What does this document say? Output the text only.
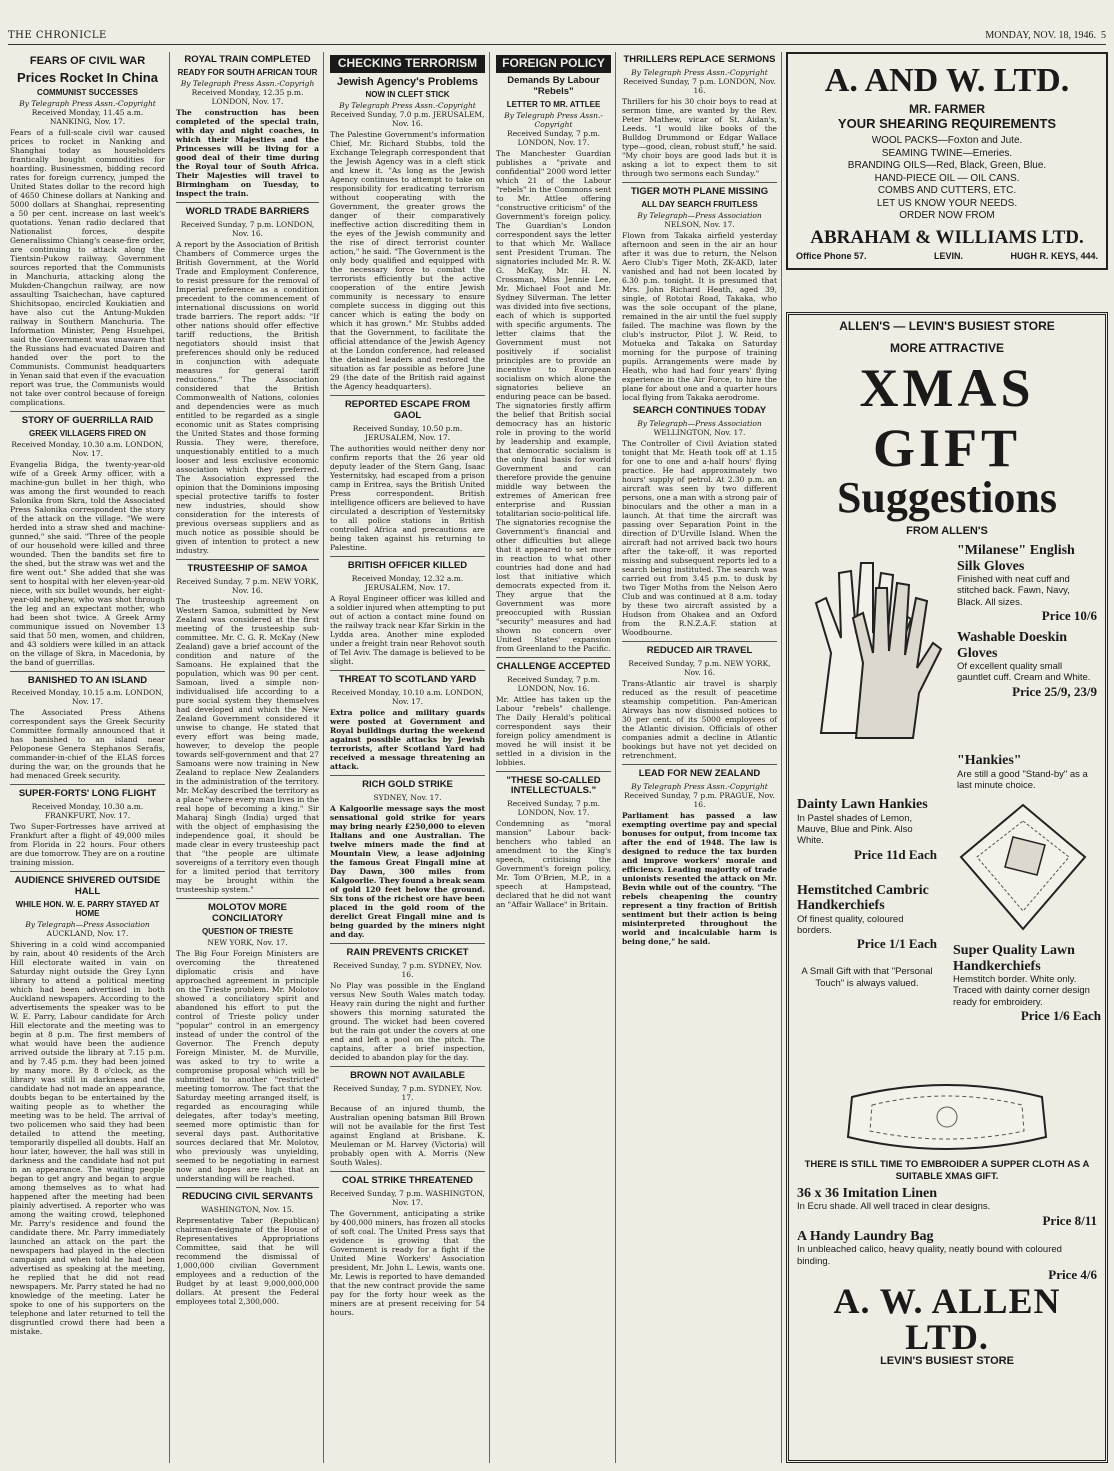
THE CHRONICLE	MONDAY, NOV. 18, 1946. 5
FEARS OF CIVIL WAR
Prices Rocket In China
COMMUNIST SUCCESSES
By Telegraph Press Assn.-Copyright
Received Monday, 11.45 a.m. NANKING, Nov. 17.
Fears of a full-scale civil war caused prices to rocket in Nanking and Shanghai today as householders frantically bought commodities for hoarding. Businessmen, bidding record rates for foreign currency, jumped the United States dollar to the record high of 4650 Chinese dollars at Nanking and 5000 dollars at Shanghai, representing a 50 per cent. increase on last week's quotations. Yenan radio declared that Nationalist forces, despite Generalissimo Chiang's cease-fire order, are continuing to attack along the Tientsin-Pukow railway. Government sources reported that the Communists in Manchuria, attacking along the Mukden-Changchun railway, are now assaulting Tsaichechan, have captured Shichitsopao, encircled Koukiatien and have also cut the Antung-Mukden railway in Southern Manchuria. The Information Minister, Peng Hsuehpei, said the Government was unaware that the Russians had evacuated Dairen and handed over the port to the Communists. Communist headquarters in Yenan said that even if the evacuation report was true, the Communists would not take over control because of foreign complications.
STORY OF GUERRILLA RAID
GREEK VILLAGERS FIRED ON
Received Monday, 10.30 a.m. LONDON, Nov. 17.
Evangelia Bidga, the twenty-year-old wife of a Greek Army officer, with a machine-gun bullet in her thigh, who was among the first wounded to reach Salonika from Skra, told the Associated Press Salonika correspondent the story of the attack on the village. "We were herded into a straw shed and machine-gunned," she said. "Three of the people of our household were killed and three wounded. Then the bandits set fire to the shed, but the straw was wet and the fire went out." She added that she was sent to hospital with her eleven-year-old niece, with six bullet wounds, her eight-year-old nephew, who was shot through the leg and an expectant mother, who had been shot twice. A Greek Army communique issued on November 13 said that 50 men, women, and children, and 43 soldiers were killed in an attack on the village of Skra, in Macedonia, by the band of guerrillas.
BANISHED TO AN ISLAND
Received Monday, 10.15 a.m. LONDON, Nov. 17.
The Associated Press Athens correspondent says the Greek Security Committee formally announced that it has banished to an island near Peloponese Genera Stephanos Serafis, commander-in-chief of the ELAS forces during the war, on the grounds that he had menaced Greek security.
SUPER-FORTS' LONG FLIGHT
Received Monday, 10.30 a.m. FRANKFURT, Nov. 17.
Two Super-Fortresses have arrived at Frankfurt after a flight of 49,000 miles from Florida in 22 hours. Four others are due tomorrow. They are on a routine training mission.
AUDIENCE SHIVERED OUTSIDE HALL
WHILE HON. W. E. PARRY STAYED AT HOME
By Telegraph—Press Association
AUCKLAND, Nov. 17.
Shivering in a cold wind accompanied by rain, about 40 residents of the Arch Hill electorate waited in vain on Saturday night outside the Grey Lynn library to attend a political meeting which had been advertised in both Auckland newspapers. According to the advertisements the speaker was to be W. E. Parry, Labour candidate for Arch Hill electorate and the meeting was to begin at 8 p.m. The first members of what would have been the audience arrived outside the library at 7.15 p.m. and by 7.45 p.m. they had been joined by many more. By 8 o'clock, as the library was still in darkness and the candidate had not made an appearance, doubts began to be entertained by the waiting people as to whether the meeting was to be held. The arrival of two policemen who said they had been detailed to attend the meeting, temporarily dispelled all doubts. Half an hour later, however, the hall was still in darkness and the candidate had not put in an appearance. The waiting people began to get angry and began to argue among themselves as to what had happened after the meeting had been plainly advertised. A reporter who was among the waiting crowd, telephoned Mr. Parry's residence and found the candidate there. Mr. Parry immediately launched an attack on the part the newspapers had played in the election campaign and when told he had been advertised as speaking at the meeting, he replied that he did not read newspapers. Mr. Parry stated he had no knowledge of the meeting. Later he spoke to one of his supporters on the telephone and later returned to tell the disgruntled crowd there had been a mistake.
ROYAL TRAIN COMPLETED
READY FOR SOUTH AFRICAN TOUR
By Telegraph Press Assn.-Copyrigh
Received Monday, 12.35 p.m. LONDON, Nov. 17.
The construction has been completed of the special train, with day and night coaches, in which their Majesties and the Princesses will be living for a good deal of their time during the Royal tour of South Africa. Their Majesties will travel to Birmingham on Tuesday, to inspect the train.
WORLD TRADE BARRIERS
Received Sunday, 7 p.m. LONDON, Nov. 16.
A report by the Association of British Chambers of Commerce urges the British Government, at the World Trade and Employment Conference, to resist pressure for the removal of Imperial preference as a condition precedent to the commencement of international discussions on world trade barriers. The report adds: "If other nations should offer effective tariff reductions, the British negotiators should insist that preferences should only be reduced in conjunction with adequate measures for general tariff reductions." The Association considered that the British Commonwealth of Nations, colonies and dependencies were as much entitled to be regarded as a single economic unit as States comprising the United States and those forming Russia. They were, therefore, unquestionably entitled to a much looser and less exclusive economic association which they preferred. The Association expressed the opinion that the Dominions imposing special protective tariffs to foster new industries, should show consideration for the interests of previous overseas suppliers and as much notice as possible should be given of intention to protect a new industry.
TRUSTEESHIP OF SAMOA
Received Sunday, 7 p.m. NEW YORK, Nov. 16.
The trusteeship agreement on Western Samoa, submitted by New Zealand was considered at the first meeting of the trusteeship sub-committee. Mr. C. G. R. McKay (New Zealand) gave a brief account of the condition and nature of the Samoans. He explained that the population, which was 90 per cent. Samoan, lived a simple non-individualised life according to a pure social system they themselves had developed and which the New Zealand Government considered it unwise to change. He stated that every effort was being made, however, to develop the people towards self-government and that 27 Samoans were now training in New Zealand to replace New Zealanders in the administration of the territory. Mr. McKay described the territory as a place "where every man lives in the real hope of becoming a king." Sir Maharaj Singh (India) urged that with the object of emphasising the independence goal, it should be made clear in every trusteeship pact that "the people are ultimate sovereigns of a territory even though for a limited period that territory may be brought within the trusteeship system."
MOLOTOV MORE CONCILIATORY
QUESTION OF TRIESTE
NEW YORK, Nov. 17.
The Big Four Foreign Ministers are overcoming the threatened diplomatic crisis and have approached agreement in principle on the Trieste problem. Mr. Molotov showed a conciliatory spirit and abandoned his effort to put the control of Trieste policy under "popular" control in an emergency instead of under the control of the Governor. The French deputy Foreign Minister, M. de Murville, was asked to try to write a compromise proposal which will be submitted to another "restricted" meeting tomorrow. The fact that the Saturday meeting arranged itself, is regarded as encouraging while delegates, after today's meeting, seemed more optimistic than for several days past. Authoritative sources declared that Mr. Molotov, who previously was unyielding, seemed to be negotiating in earnest now and hopes are high that an understanding will be reached.
REDUCING CIVIL SERVANTS
WASHINGTON, Nov. 15.
Representative Taber (Republican) chairman-designate of the House of Representatives Appropriations Committee, said that he will recommend the dismissal of 1,000,000 civilian Government employees and a reduction of the Budget by at least 9,000,000,000 dollars. At present the Federal employees total 2,300,000.
CHECKING TERRORISM
Jewish Agency's Problems
NOW IN CLEFT STICK
By Telegraph Press Assn.-Copyright
Received Sunday, 7.0 p.m. JERUSALEM, Nov. 16.
The Palestine Government's information Chief, Mr. Richard Stubbs, told the Exchange Telegraph correspondent that the Jewish Agency was in a cleft stick and knew it. "As long as the Jewish Agency continues to attempt to take on responsibility for eradicating terrorism without cooperating with the Government, the greater grows the danger of their comparatively ineffective action discrediting them in the eyes of the Jewish community and the rise of direct terrorist counter action," he said. "The Government is the only body qualified and equipped with the necessary force to combat the terrorists efficiently but the active cooperation of the entire Jewish community is necessary to ensure complete success in digging out this cancer which is eating the body on which it has grown." Mr. Stubbs added that the Government, to facilitate the official attendance of the Jewish Agency at the London conference, had released the detained leaders and restored the situation as far possible as before June 29 (the date of the British raid against the Agency headquarters).
REPORTED ESCAPE FROM GAOL
Received Sunday, 10.50 p.m. JERUSALEM, Nov. 17.
The authorities would neither deny nor confirm reports that the 26 year old deputy leader of the Stern Gang, Isaac Yesternitsky, had escaped from a prison camp in Eritrea, says the British United Press correspondent. British intelligence officers are believed to have circulated a description of Yesternitsky to all police stations in British controlled Africa and precautions are being taken against his returning to Palestine.
BRITISH OFFICER KILLED
Received Monday, 12.32 a.m. JERUSALEM, Nov. 17.
A Royal Engineer officer was killed and a soldier injured when attempting to put out of action a contact mine found on the railway track near Kfar Sirkin in the Lydda area. Another mine exploded under a freight train near Rehovot south of Tel Aviv. The damage is believed to be slight.
THREAT TO SCOTLAND YARD
Received Monday, 10.10 a.m. LONDON, Nov. 17.
Extra police and military guards were posted at Government and Royal buildings during the weekend against possible attacks by Jewish terrorists, after Scotland Yard had received a message threatening an attack.
RICH GOLD STRIKE
SYDNEY, Nov. 17.
A Kalgoorlie message says the most sensational gold strike for years may bring nearly £250,000 to eleven Italians and one Australian. The twelve miners made the find at Mountain View, a lease adjoining the famous Great Fingall mine at Day Dawn, 300 miles from Kalgoorlie. They found a break seam of gold 120 feet below the ground. Six tons of the richest ore have been placed in the gold room of the derelict Great Fingall mine and is being guarded by the miners night and day.
RAIN PREVENTS CRICKET
Received Sunday, 7 p.m. SYDNEY, Nov. 16.
No Play was possible in the England versus New South Wales match today. Heavy rain during the night and further showers this morning saturated the ground. The wicket had been covered but the rain got under the covers at one end and left a pool on the pitch. The captains, after a brief inspection, decided to abandon play for the day.
BROWN NOT AVAILABLE
Received Sunday, 7 p.m. SYDNEY, Nov. 17.
Because of an injured thumb, the Australian opening batsman Bill Brown will not be available for the first Test against England at Brisbane. K. Meuleman or M. Harvey (Victoria) will probably open with A. Morris (New South Wales).
COAL STRIKE THREATENED
Received Sunday, 7 p.m. WASHINGTON, Nov. 17.
The Government, anticipating a strike by 400,000 miners, has frozen all stocks of soft coal. The United Press says that evidence is growing that the Government is ready for a fight if the United Mine Workers' Association president, Mr. John L. Lewis, wants one. Mr. Lewis is reported to have demanded that the new contract provide the same pay for the forty hour week as the miners are at present receiving for 54 hours.
FOREIGN POLICY
Demands By Labour "Rebels"
LETTER TO MR. ATTLEE
By Telegraph Press Assn.-Copyright
Received Sunday, 7 p.m. LONDON, Nov. 17.
The Manchester Guardian publishes a "private and confidential" 2000 word letter which 21 of the Labour "rebels" in the Commons sent to Mr. Attlee offering "constructive criticism" of the Government's foreign policy. The Guardian's London correspondent says the letter to that which Mr. Wallace sent President Truman. The signatories included Mr. R. W. G. McKay, Mr. H. N. Crossman, Miss Jennie Lee, Mr. Michael Foot and Mr. Sydney Silverman. The letter was divided into five sections, each of which is supported with specific arguments. The letter claims that the Government must not positively if socialist principles are to provide an incentive to European socialism on which alone the signatories believe an enduring peace can be based. The signatories firstly affirm the belief that British social democracy has an historic role in proving to the world by leadership and example, that democratic socialism is the only final basis for world Government and can therefore provide the genuine middle way between the extremes of American free enterprise and Russian totalitarian socio-political life. The signatories recognise the Government's financial and other difficulties but allege that it appeared to set more in reaction to what other countries had done and had lost that initiative which democrats expected from it. They argue that the Government was more preoccupied with Russian "security" measures and had shown no concern over United States' expansion from Greenland to the Pacific.
CHALLENGE ACCEPTED
Received Sunday, 7 p.m. LONDON, Nov. 16.
Mr. Attlee has taken up the Labour "rebels" challenge. The Daily Herald's political correspondent says their foreign policy amendment is moved he will insist it be settled in a division in the lobbies.
"THESE SO-CALLED INTELLECTUALS."
Received Sunday, 7 p.m. LONDON, Nov. 17.
Condemning as "moral mansion" Labour back-benchers who tabled an amendment to the King's speech, criticising the Government's foreign policy, Mr. Tom O'Brien, M.P., in a speech at Hampstead, declared that he did not want an "Affair Wallace" in Britain.
THRILLERS REPLACE SERMONS
By Telegraph Press Assn.-Copyright
Received Sunday, 7 p.m. LONDON, Nov. 16.
Thrillers for his 30 choir boys to read at sermon time, are wanted by the Rev. Peter Mathew, vicar of St. Aidan's, Leeds. "I would like books of the Bulldog Drummond or Edgar Wallace type—good, clean, robust stuff," he said. "My choir boys are good lads but it is asking a lot to expect them to sit through two sermons each Sunday."
TIGER MOTH PLANE MISSING
ALL DAY SEARCH FRUITLESS
By Telegraph—Press Association
NELSON, Nov. 17.
Flown from Takaka airfield yesterday afternoon and seen in the air an hour after it was due to return, the Nelson Aero Club's Tiger Moth, ZK-AKD, later vanished and had not been located by 6.30 p.m. tonight. It is presumed that Mrs. John Richard Heath, aged 39, single, of Rototai Road, Takaka, who was the sole occupant of the plane, remained in the air until the fuel supply failed. The machine was flown by the club's instructor, Pilot J. W. Reid, to Motueka and Takaka on Saturday morning for the purpose of training pupils. Arrangements were made by Heath, who had had four years' flying experience in the Air Force, to hire the plane for about one and a quarter hours local flying from Takaka aerodrome.
SEARCH CONTINUES TODAY
By Telegraph—Press Association
WELLINGTON, Nov. 17.
The Controller of Civil Aviation stated tonight that Mr. Heath took off at 1.15 for one to one and a-half hours' flying practice. He had approximately two hours' supply of petrol. At 2.30 p.m. an aircraft was seen by two different persons, one a man with a strong pair of binoculars and the other a man in a launch. At that time the aircraft was passing over Separation Point in the direction of D'Urville Island. When the aircraft had not arrived back two hours after the take-off, it was reported missing and subsequent reports led to a search being instituted. The search was carried out from 3.45 p.m. to dusk by two Tiger Moths from the Nelson Aero Club and was continued at 8 a.m. today by these two aircraft assisted by a Hudson from Ohakea and an Oxford from the R.N.Z.A.F. station at Woodbourne.
REDUCED AIR TRAVEL
Received Sunday, 7 p.m. NEW YORK, Nov. 16.
Trans-Atlantic air travel is sharply reduced as the result of peacetime steamship competition. Pan-American Airways has now dismissed notices to 30 per cent. of its 5000 employees of the Atlantic division. Officials of other companies admit a decline in Atlantic bookings but have not yet decided on retrenchment.
LEAD FOR NEW ZEALAND
By Telegraph Press Assn.-Copyright
Received Sunday, 7 p.m. PRAGUE, Nov. 16.
Parliament has passed a law exempting overtime pay and special bonuses for output, from income tax after the end of 1948. The law is designed to reduce the tax burden and improve workers' morale and efficiency. Leading majority of trade unionists resented the attack on Mr. Bevin while out of the country. "The rebels cheapening the country represent a tiny fraction of British sentiment but their action is being misinterpreted throughout the world and incalculable harm is being done," he said.
A. AND W. LTD.
MR. FARMER
YOUR SHEARING REQUIREMENTS
WOOL PACKS—Foxton and Jute.
SEAMING TWINE—Emeries.
BRANDING OILS—Red, Black, Green, Blue.
HAND-PIECE OIL — OIL CANS.
COMBS AND CUTTERS, ETC.
LET US KNOW YOUR NEEDS.
ORDER NOW FROM
ABRAHAM & WILLIAMS LTD.
Office Phone 57.	LEVIN.	HUGH R. KEYS, 444.
ALLEN'S — LEVIN'S BUSIEST STORE
MORE ATTRACTIVE
XMAS
GIFT
Suggestions
FROM ALLEN'S
"Milanese" English Silk Gloves
Finished with neat cuff and stitched back. Fawn, Navy, Black. All sizes.
Price 10/6
Washable Doeskin Gloves
Of excellent quality small gauntlet cuff. Cream and White.
Price 25/9, 23/9
"Hankies"
Are still a good "Stand-by" as a last minute choice.
Dainty Lawn Hankies
In Pastel shades of Lemon, Mauve, Blue and Pink. Also White.
Price 11d Each
Hemstitched Cambric Handkerchiefs
Of finest quality, coloured borders.
Price 1/1 Each
A Small Gift with that "Personal Touch" is always valued.
Super Quality Lawn Handkerchiefs
Hemstitch border. White only. Traced with dainty corner design ready for embroidery.
Price 1/6 Each
THERE IS STILL TIME TO EMBROIDER A SUPPER CLOTH AS A SUITABLE XMAS GIFT.
36 x 36 Imitation Linen
In Ecru shade. All well traced in clear designs.
Price 8/11
A Handy Laundry Bag
In unbleached calico, heavy quality, neatly bound with coloured binding.
Price 4/6
A. W. ALLEN LTD.
LEVIN'S BUSIEST STORE
